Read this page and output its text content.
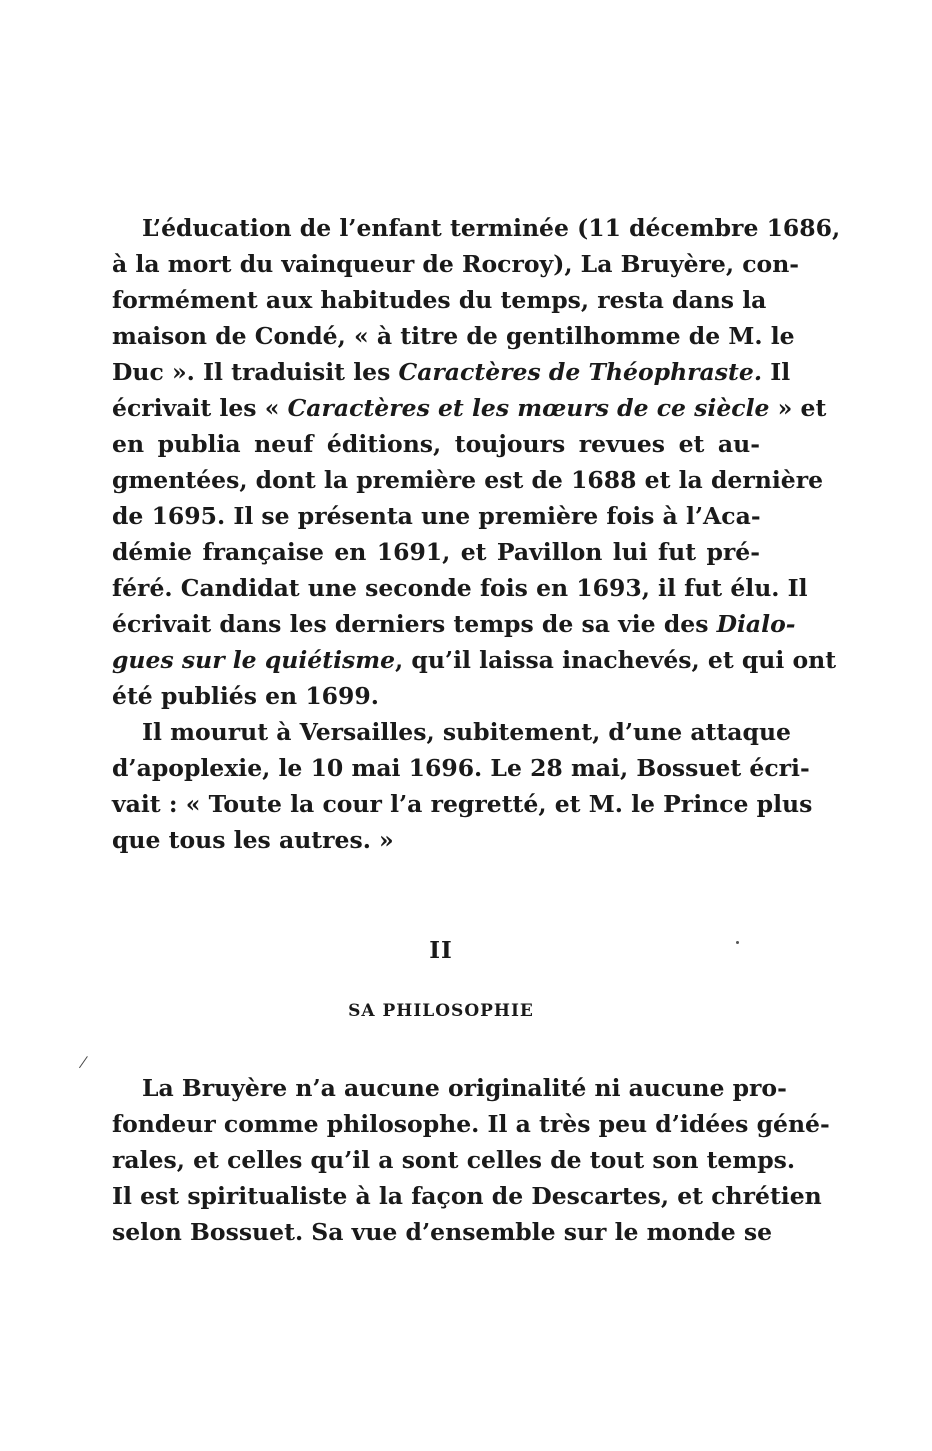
L’éducation de l’enfant terminée (11 décembre 1686,
à la mort du vainqueur de Rocroy), La Bruyère, con-
formément aux habitudes du temps, resta dans la
maison de Condé, « à titre de gentilhomme de M. le
Duc ». Il traduisit les Caractères de Théophraste. Il
écrivait les « Caractères et les mœurs de ce siècle » et
en publia neuf éditions, toujours revues et au-
gmentées, dont la première est de 1688 et la dernière
de 1695. Il se présenta une première fois à l’Aca-
démie française en 1691, et Pavillon lui fut pré-
féré. Candidat une seconde fois en 1693, il fut élu. Il
écrivait dans les derniers temps de sa vie des Dialo-
gues sur le quiétisme, qu’il laissa inachevés, et qui ont
été publiés en 1699.
Il mourut à Versailles, subitement, d’une attaque
d’apoplexie, le 10 mai 1696. Le 28 mai, Bossuet écri-
vait : « Toute la cour l’a regretté, et M. le Prince plus
que tous les autres. »
II
SA PHILOSOPHIE
La Bruyère n’a aucune originalité ni aucune pro-
fondeur comme philosophe. Il a très peu d’idées géné-
rales, et celles qu’il a sont celles de tout son temps.
Il est spiritualiste à la façon de Descartes, et chrétien
selon Bossuet. Sa vue d’ensemble sur le monde se
